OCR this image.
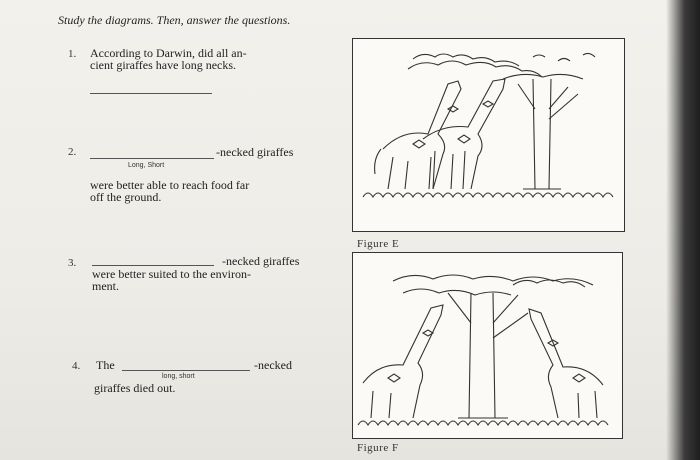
Study the diagrams. Then, answer the questions.
1. According to Darwin, did all an-
cient giraffes have long necks.
2.	-necked giraffes
Long, Short
were better able to reach food far
off the ground.
3.	-necked giraffes
were better suited to the environ-
ment.
4. The	-necked
long, short
giraffes died out.
Figure E
Figure F
